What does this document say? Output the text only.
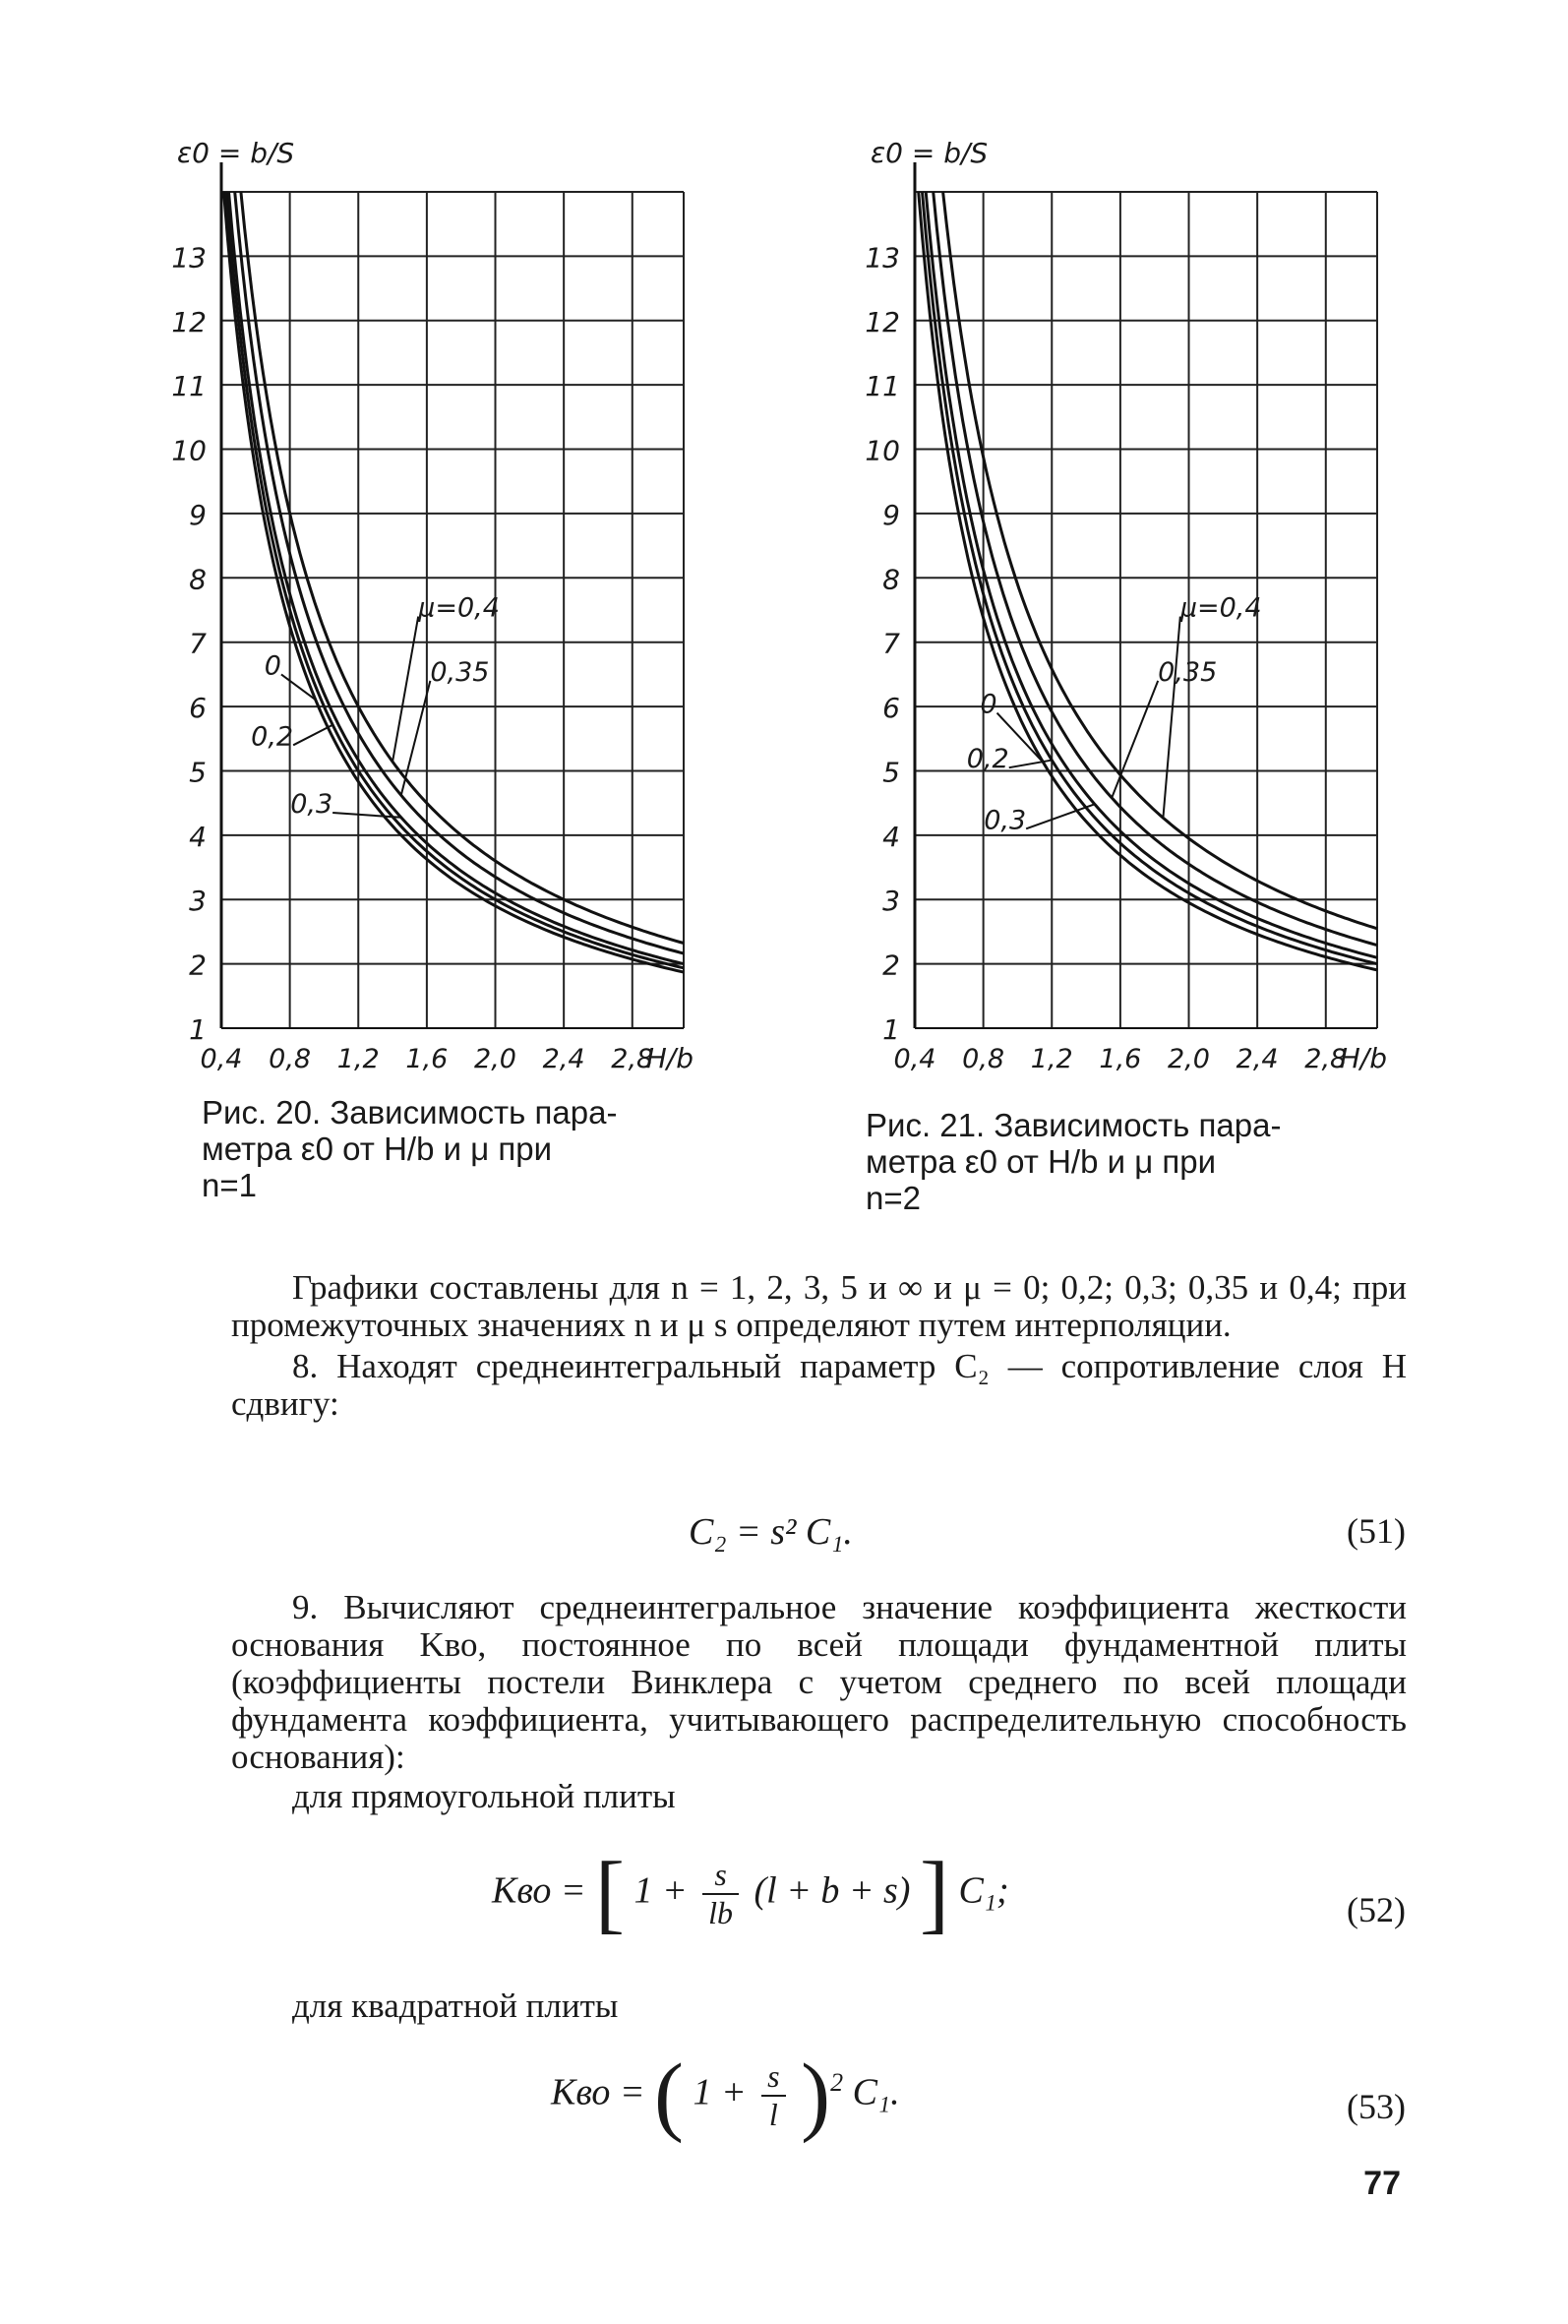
1
2
3
4
5
6
7
8
9
10
11
12
13
0,4 0,8 1,2 1,6 2,0 2,4 2,8
H/b
ε0 = b/S
0
0,2
0,3
0,35
μ=0,4
Рис. 20. Зависимость пара-
метра ε0 от H/b и μ при
n=1
1
2
3
4
5
6
7
8
9
10
11
12
13
0,4 0,8 1,2 1,6 2,0 2,4 2,8
H/b
ε0 = b/S
0
0,2
0,3
0,35
μ=0,4
Рис. 21. Зависимость пара-
метра ε0 от H/b и μ при
n=2

Графики составлены для n = 1, 2, 3, 5 и ∞ и μ = 0; 0,2; 0,3; 0,35 и 0,4; при промежуточных значениях n и μ s определяют путем интерполяции.

8. Находят среднеинтегральный параметр C₂ — сопротивление слоя H сдвигу:

C₂ = s² C₁.	(51)

9. Вычисляют среднеинтегральное значение коэффициента жесткости основания Kво, постоянное по всей площади фундаментной плиты (коэффициенты постели Винклера с учетом среднего по всей площади фундамента коэффициента, учитывающего распределительную способность основания):

для прямоугольной плиты

Kво = [ $1 + \frac{s}{lb} (l + b + s)$ ] C₁;	(52)

для квадратной плиты

Kво = ( $1 + \frac{s}{l} )^2$ C₁.	(53)
77
